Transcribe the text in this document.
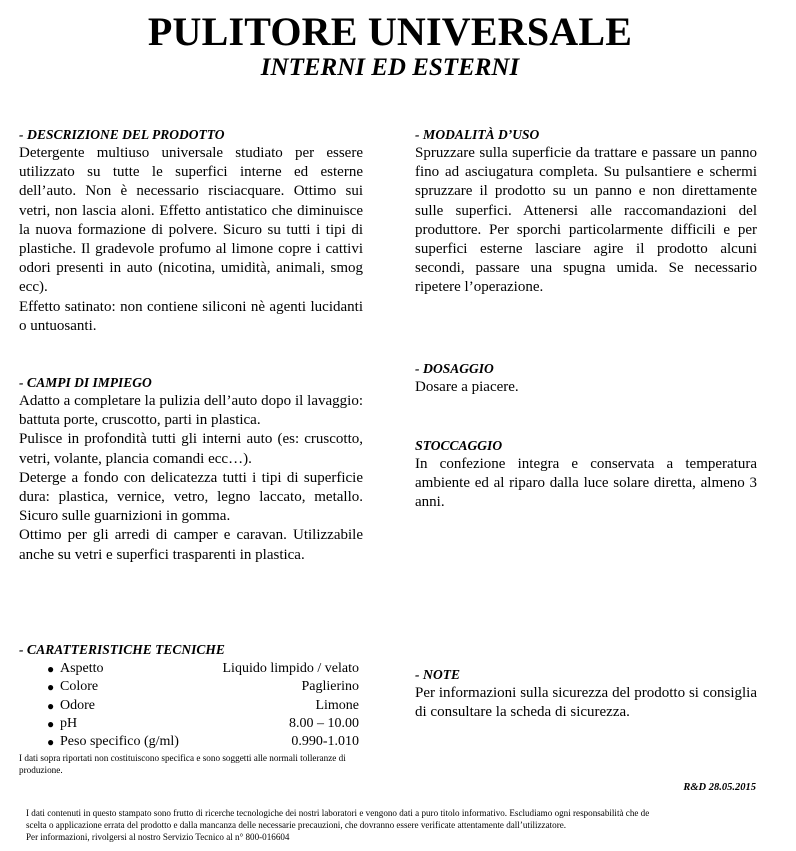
PULITORE UNIVERSALE
INTERNI ED ESTERNI
- DESCRIZIONE DEL PRODOTTO

Detergente multiuso universale studiato per essere utilizzato su tutte le superfici interne ed esterne dell’auto. Non è necessario risciacquare. Ottimo sui vetri, non lascia aloni. Effetto antistatico che diminuisce la nuova formazione di polvere. Sicuro su tutti i tipi di plastiche. Il gradevole profumo al limone copre i cattivi odori presenti in auto (nicotina, umidità, animali, smog ecc).

Effetto satinato: non contiene siliconi nè agenti lucidanti o untuosanti.

- CAMPI DI IMPIEGO

Adatto a completare la pulizia dell’auto dopo il lavaggio: battuta porte, cruscotto, parti in plastica.

Pulisce in profondità tutti gli interni auto (es: cruscotto, vetri, volante, plancia comandi ecc…).

Deterge a fondo con delicatezza tutti i tipi di superficie dura: plastica, vernice, vetro, legno laccato, metallo. Sicuro sulle guarnizioni in gomma.

Ottimo per gli arredi di camper e caravan. Utilizzabile anche su vetri e superfici trasparenti in plastica.

- CARATTERISTICHE TECNICHE
● Aspetto	Liquido limpido / velato
● Colore	Paglierino
● Odore	Limone
● pH	8.00 – 10.00
● Peso specifico (g/ml)	0.990-1.010
I dati sopra riportati non costituiscono specifica e sono soggetti alle normali tolleranze di produzione.
- MODALITÀ D’USO

Spruzzare sulla superficie da trattare e passare un panno fino ad asciugatura completa. Su pulsantiere e schermi spruzzare il prodotto su un panno e non direttamente sulle superfici. Attenersi alle raccomandazioni del produttore. Per sporchi particolarmente difficili e per superfici esterne lasciare agire il prodotto alcuni secondi, passare una spugna umida. Se necessario ripetere l’operazione.

- DOSAGGIO

Dosare a piacere.

STOCCAGGIO

In confezione integra e conservata a temperatura ambiente ed al riparo dalla luce solare diretta, almeno 3 anni.

- NOTE

Per informazioni sulla sicurezza del prodotto si consiglia di consultare la scheda di sicurezza.

R&D 28.05.2015
I dati contenuti in questo stampato sono frutto di ricerche tecnologiche dei nostri laboratori e vengono dati a puro titolo informativo. Escludiamo ogni responsabilità che de
scelta o applicazione errata del prodotto e dalla mancanza delle necessarie precauzioni, che dovranno essere verificate attentamente dall’utilizzatore.
Per informazioni, rivolgersi al nostro Servizio Tecnico al n° 800-016604
